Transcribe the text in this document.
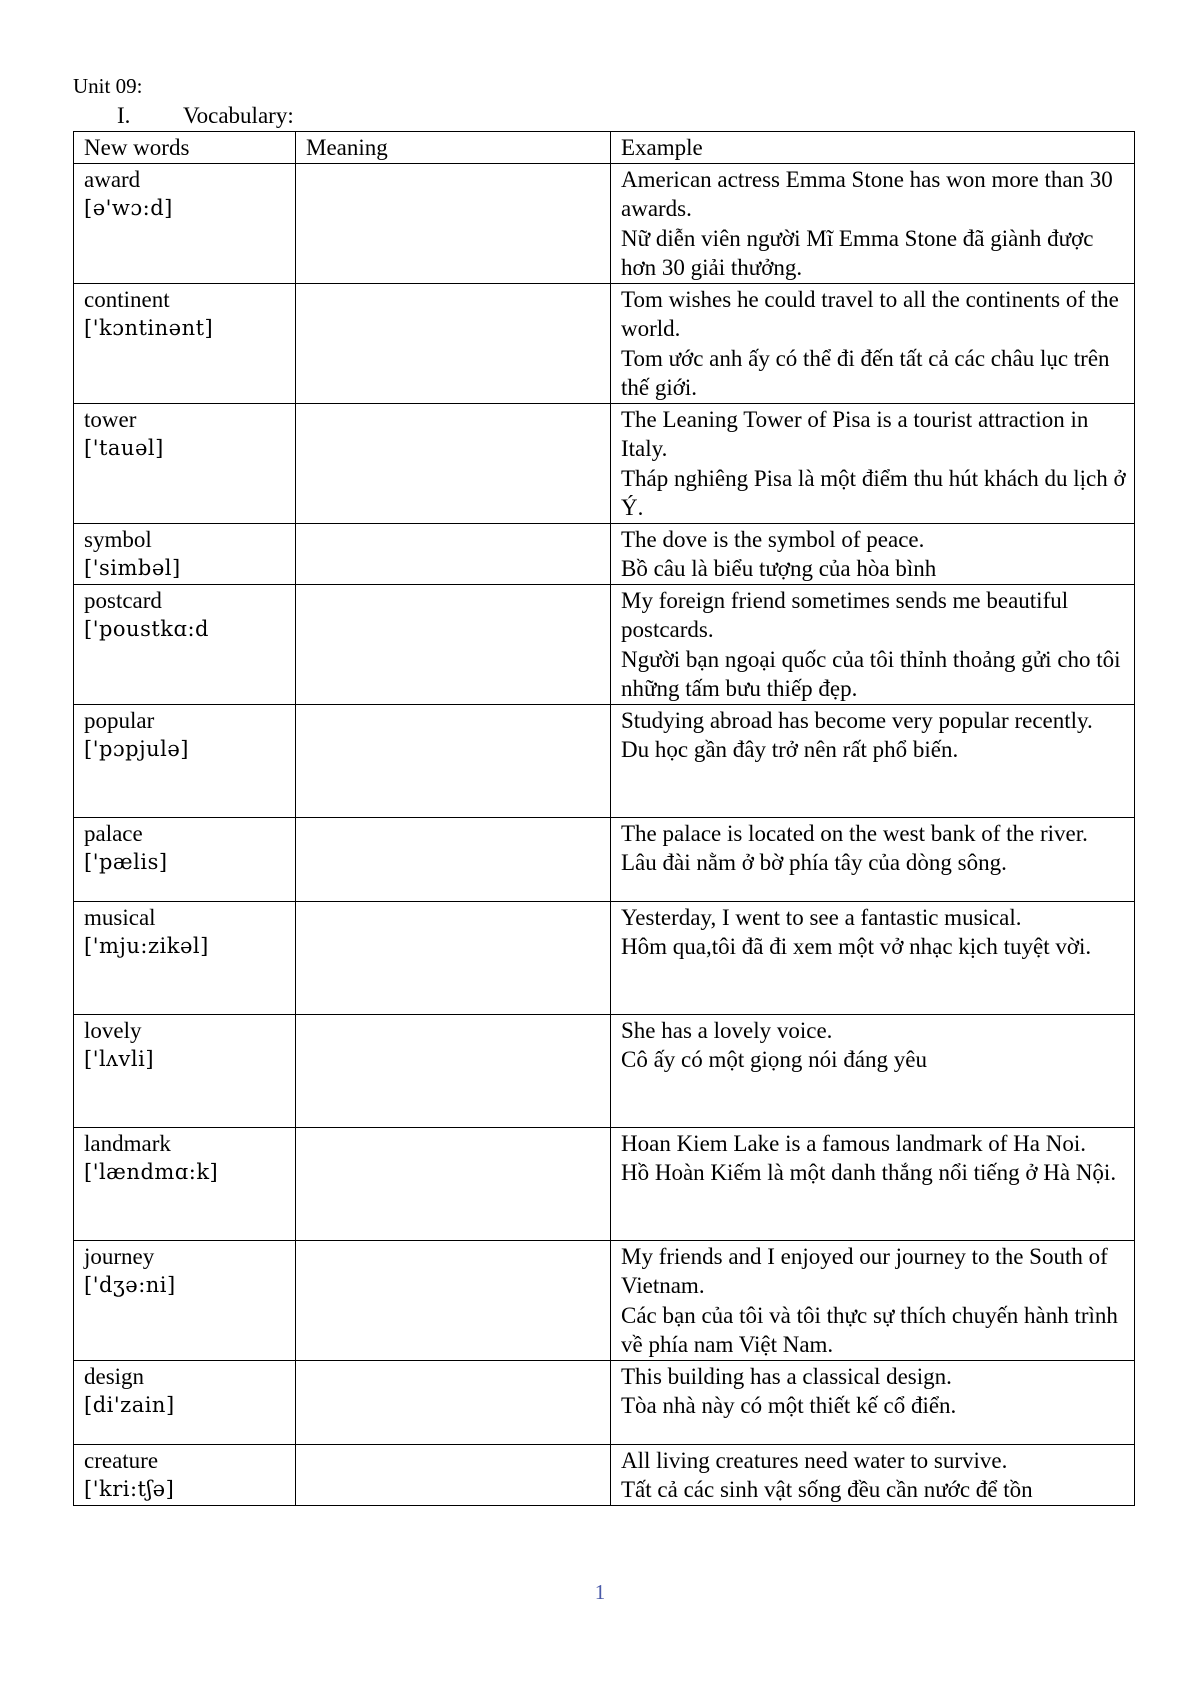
Unit 09:
I. Vocabulary:
New words	Meaning	Example

award
[ə'wɔ:d]		American actress Emma Stone has won more than 30 awards.
Nữ diễn viên người Mĩ Emma Stone đã giành được hơn 30 giải thưởng.

continent
['kɔntinənt]		Tom wishes he could travel to all the continents of the world.
Tom ước anh ấy có thể đi đến tất cả các châu lục trên thế giới.

tower
['tauəl]		The Leaning Tower of Pisa is a tourist attraction in Italy.
Tháp nghiêng Pisa là một điểm thu hút khách du lịch ở Ý.

symbol
['simbəl]		The dove is the symbol of peace.
Bồ câu là biểu tượng của hòa bình

postcard
['poustkɑ:d		My foreign friend sometimes sends me beautiful postcards.
Người bạn ngoại quốc của tôi thỉnh thoảng gửi cho tôi những tấm bưu thiếp đẹp.

popular
['pɔpjulə]		Studying abroad has become very popular recently.
Du học gần đây trở nên rất phổ biến.

palace
['pælis]		The palace is located on the west bank of the river.
Lâu đài nằm ở bờ phía tây của dòng sông.

musical
['mju:zikəl]		Yesterday, I went to see a fantastic musical.
Hôm qua,tôi đã đi xem một vở nhạc kịch tuyệt vời.

lovely
['lʌvli]		She has a lovely voice.
Cô ấy có một giọng nói đáng yêu

landmark
['lændmɑ:k]		Hoan Kiem Lake is a famous landmark of Ha Noi.
Hồ Hoàn Kiếm là một danh thắng nổi tiếng ở Hà Nội.

journey
['dʒə:ni]		My friends and I enjoyed our journey to the South of Vietnam.
Các bạn của tôi và tôi thực sự thích chuyến hành trình về phía nam Việt Nam.

design
[di'zain]		This building has a classical design.
Tòa nhà này có một thiết kế cổ điển.

creature
['kri:tʃə]		All living creatures need water to survive.
Tất cả các sinh vật sống đều cần nước để tồn
1
